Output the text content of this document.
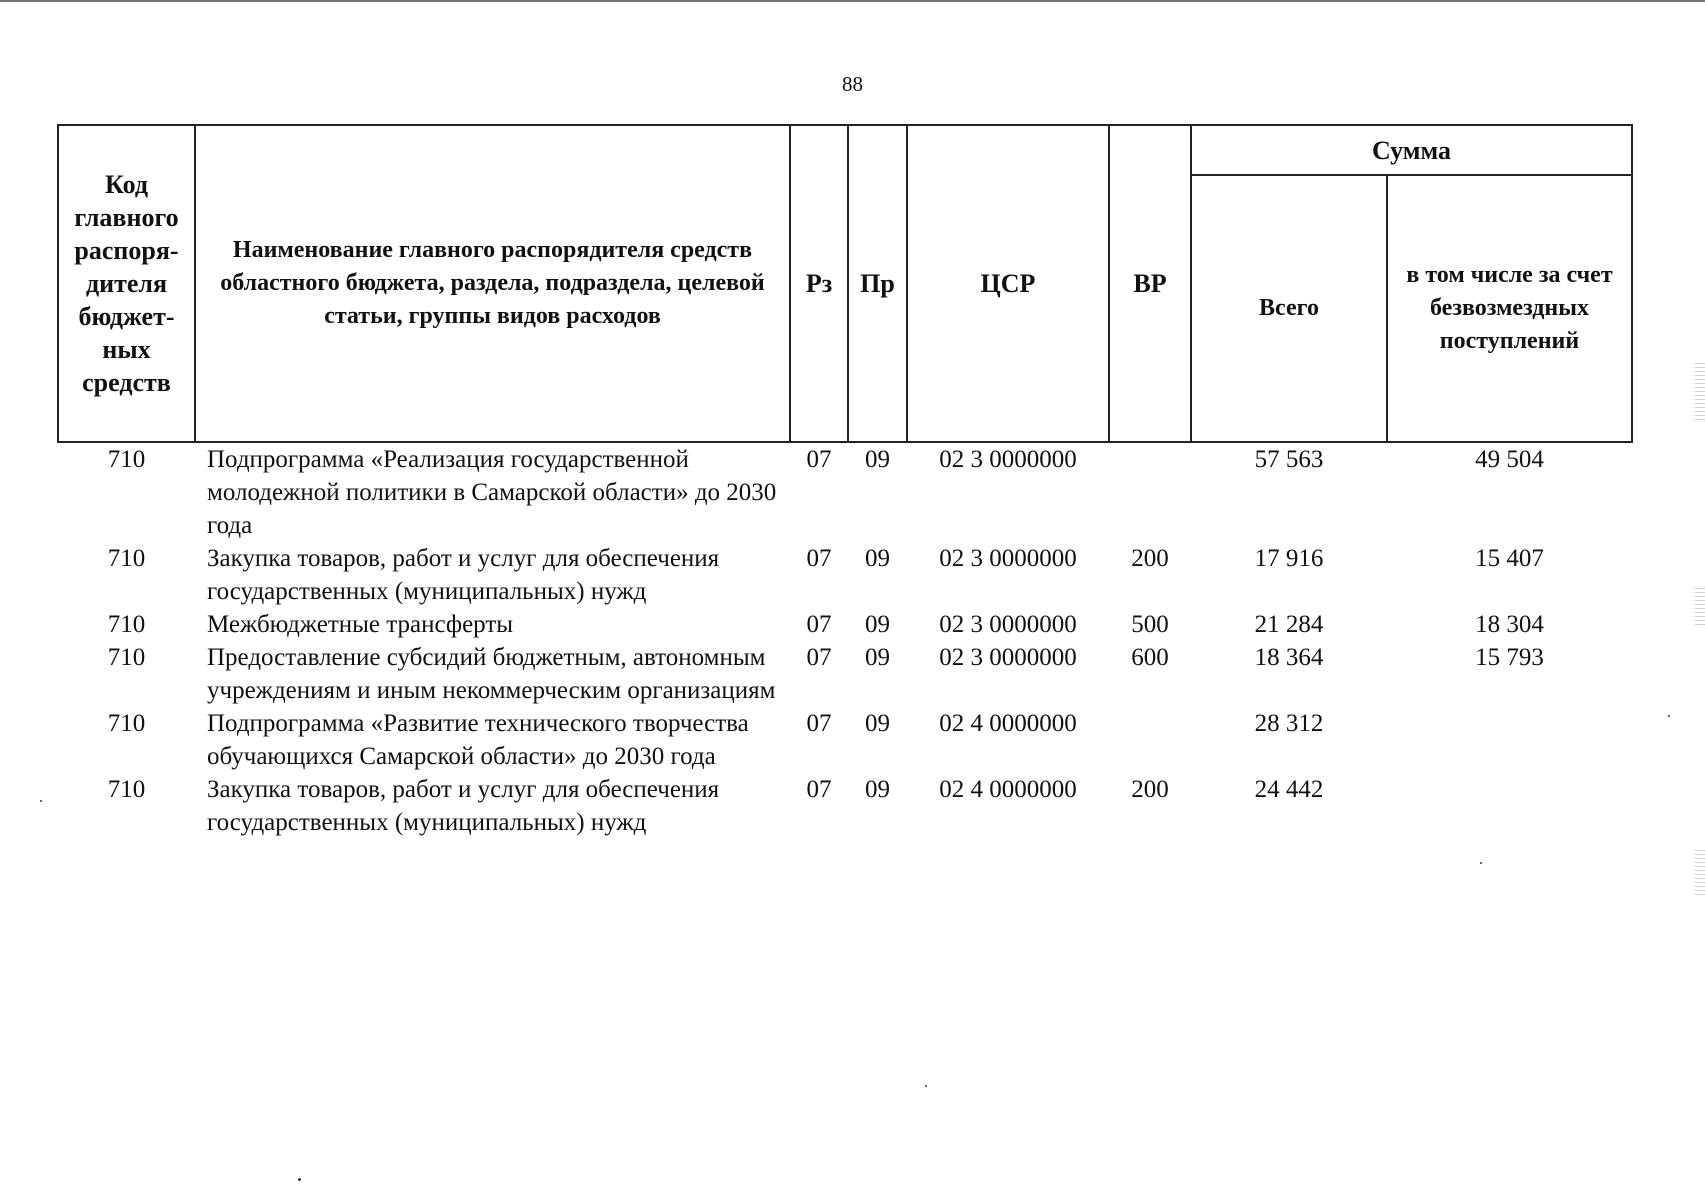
88
Код главного распоря-дителя бюджет-ных средств	Наименование главного распорядителя средств областного бюджета, раздела, подраздела, целевой статьи, группы видов расходов	Рз	Пр	ЦСР	ВР	Сумма	
						Всего	в том числе за счет безвозмездных поступлений
710	Подпрограмма «Реализация государственной молодежной политики в Самарской области» до 2030 года	07	09	02 3 0000000		57 563	49 504
710	Закупка товаров, работ и услуг для обеспечения государственных (муниципальных) нужд	07	09	02 3 0000000	200	17 916	15 407
710	Межбюджетные трансферты	07	09	02 3 0000000	500	21 284	18 304
710	Предоставление субсидий бюджетным, автономным учреждениям и иным некоммерческим организациям	07	09	02 3 0000000	600	18 364	15 793
710	Подпрограмма «Развитие технического творчества обучающихся Самарской области» до 2030 года	07	09	02 4 0000000		28 312	
710	Закупка товаров, работ и услуг для обеспечения государственных (муниципальных) нужд	07	09	02 4 0000000	200	24 442	
